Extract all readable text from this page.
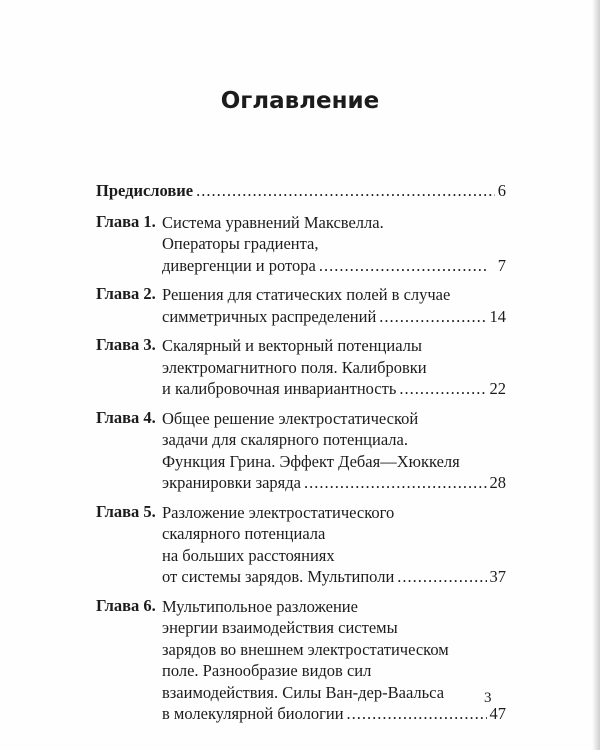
Оглавление
Предисловие .....	6
Глава 1. Система уравнений Максвелла.
Операторы градиента,
дивергенции и ротора .....	7
Глава 2. Решения для статических полей в случае
симметричных распределений .....	14
Глава 3. Скалярный и векторный потенциалы
электромагнитного поля. Калибровки
и калибровочная инвариантность .....	22
Глава 4. Общее решение электростатической
задачи для скалярного потенциала.
Функция Грина. Эффект Дебая—Хюккеля
экранировки заряда .....	28
Глава 5. Разложение электростатического
скалярного потенциала
на больших расстояниях
от системы зарядов. Мультиполи .....	37
Глава 6. Мультипольное разложение
энергии взаимодействия системы
зарядов во внешнем электростатическом
поле. Разнообразие видов сил
взаимодействия. Силы Ван-дер-Ваальса
в молекулярной биологии .....	47
3
